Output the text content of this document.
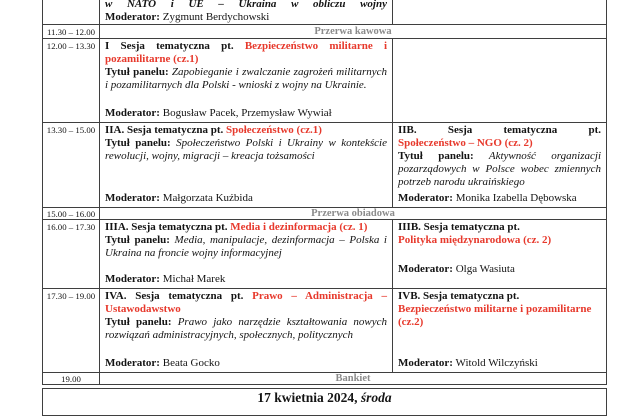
w NATO i UE – Ukraina w obliczu wojny
Moderator: Zygmunt Berdychowski
11.30 – 12.00	Przerwa kawowa
12.00 – 13.30 I Sesja tematyczna pt. Bezpieczeństwo militarne i pozamilitarne (cz.1)
Tytuł panelu: Zapobieganie i zwalczanie zagrożeń militarnych i pozamilitarnych dla Polski - wnioski z wojny na Ukrainie.
Moderator: Bogusław Pacek, Przemysław Wywiał
13.30 – 15.00 IIA. Sesja tematyczna pt. Społeczeństwo (cz.1)
Tytuł panelu: Społeczeństwo Polski i Ukrainy w kontekście rewolucji, wojny, migracji – kreacja tożsamości
Moderator: Małgorzata Kuźbida
IIB. Sesja tematyczna pt.
Społeczeństwo – NGO (cz. 2)
Tytuł panelu: Aktywność organizacji pozarządowych w Polsce wobec zmiennych potrzeb narodu ukraińskiego
Moderator: Monika Izabella Dębowska
15.00 – 16.00	Przerwa obiadowa
16.00 – 17.30 IIIA. Sesja tematyczna pt. Media i dezinformacja (cz. 1)
Tytuł panelu: Media, manipulacje, dezinformacja – Polska i Ukraina na froncie wojny informacyjnej
Moderator: Michał Marek
IIIB. Sesja tematyczna pt.
Polityka międzynarodowa (cz. 2)
Moderator: Olga Wasiuta
17.30 – 19.00 IVA. Sesja tematyczna pt. Prawo – Administracja – Ustawodawstwo
Tytuł panelu: Prawo jako narzędzie kształtowania nowych rozwiązań administracyjnych, społecznych, politycznych
Moderator: Beata Gocko
IVB. Sesja tematyczna pt.
Bezpieczeństwo militarne i pozamilitarne (cz.2)
Moderator: Witold Wilczyński
19.00	Bankiet
17 kwietnia 2024, środa
